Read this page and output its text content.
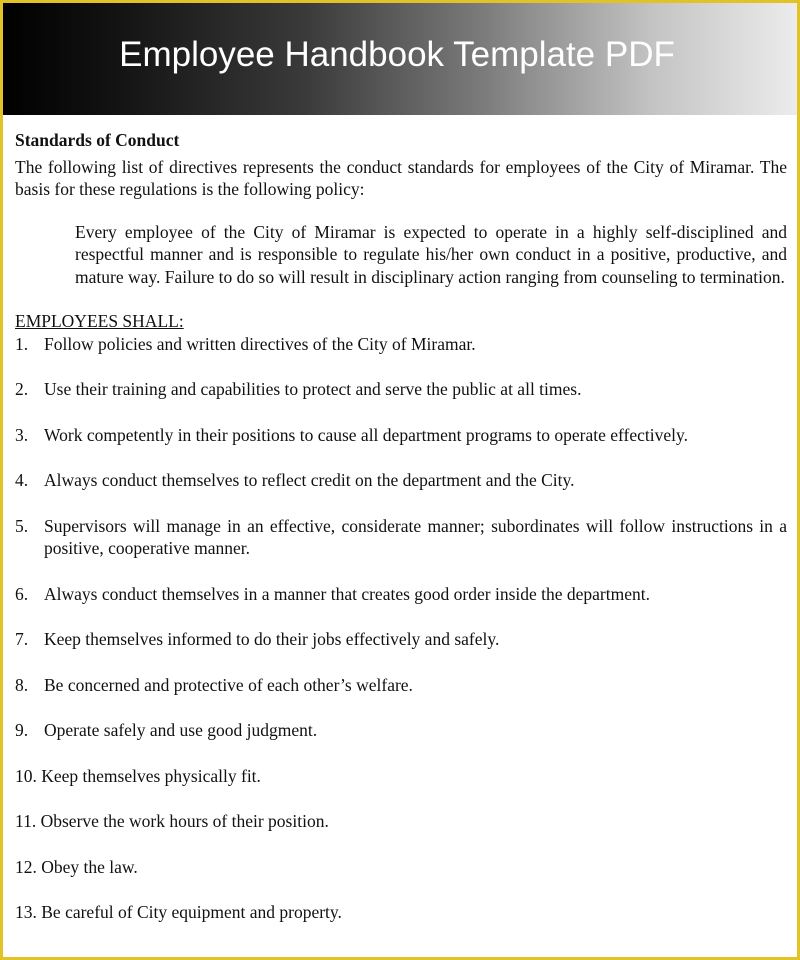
Employee Handbook Template PDF
Standards of Conduct

The following list of directives represents the conduct standards for employees of the City of Miramar. The basis for these regulations is the following policy:

Every employee of the City of Miramar is expected to operate in a highly self-disciplined and respectful manner and is responsible to regulate his/her own conduct in a positive, productive, and mature way. Failure to do so will result in disciplinary action ranging from counseling to termination.

EMPLOYEES SHALL:
1. Follow policies and written directives of the City of Miramar.
2. Use their training and capabilities to protect and serve the public at all times.
3. Work competently in their positions to cause all department programs to operate effectively.
4. Always conduct themselves to reflect credit on the department and the City.
5. Supervisors will manage in an effective, considerate manner; subordinates will follow instructions in a positive, cooperative manner.
6. Always conduct themselves in a manner that creates good order inside the department.
7. Keep themselves informed to do their jobs effectively and safely.
8. Be concerned and protective of each other’s welfare.
9. Operate safely and use good judgment.
10. Keep themselves physically fit.
11. Observe the work hours of their position.
12. Obey the law.
13. Be careful of City equipment and property.
